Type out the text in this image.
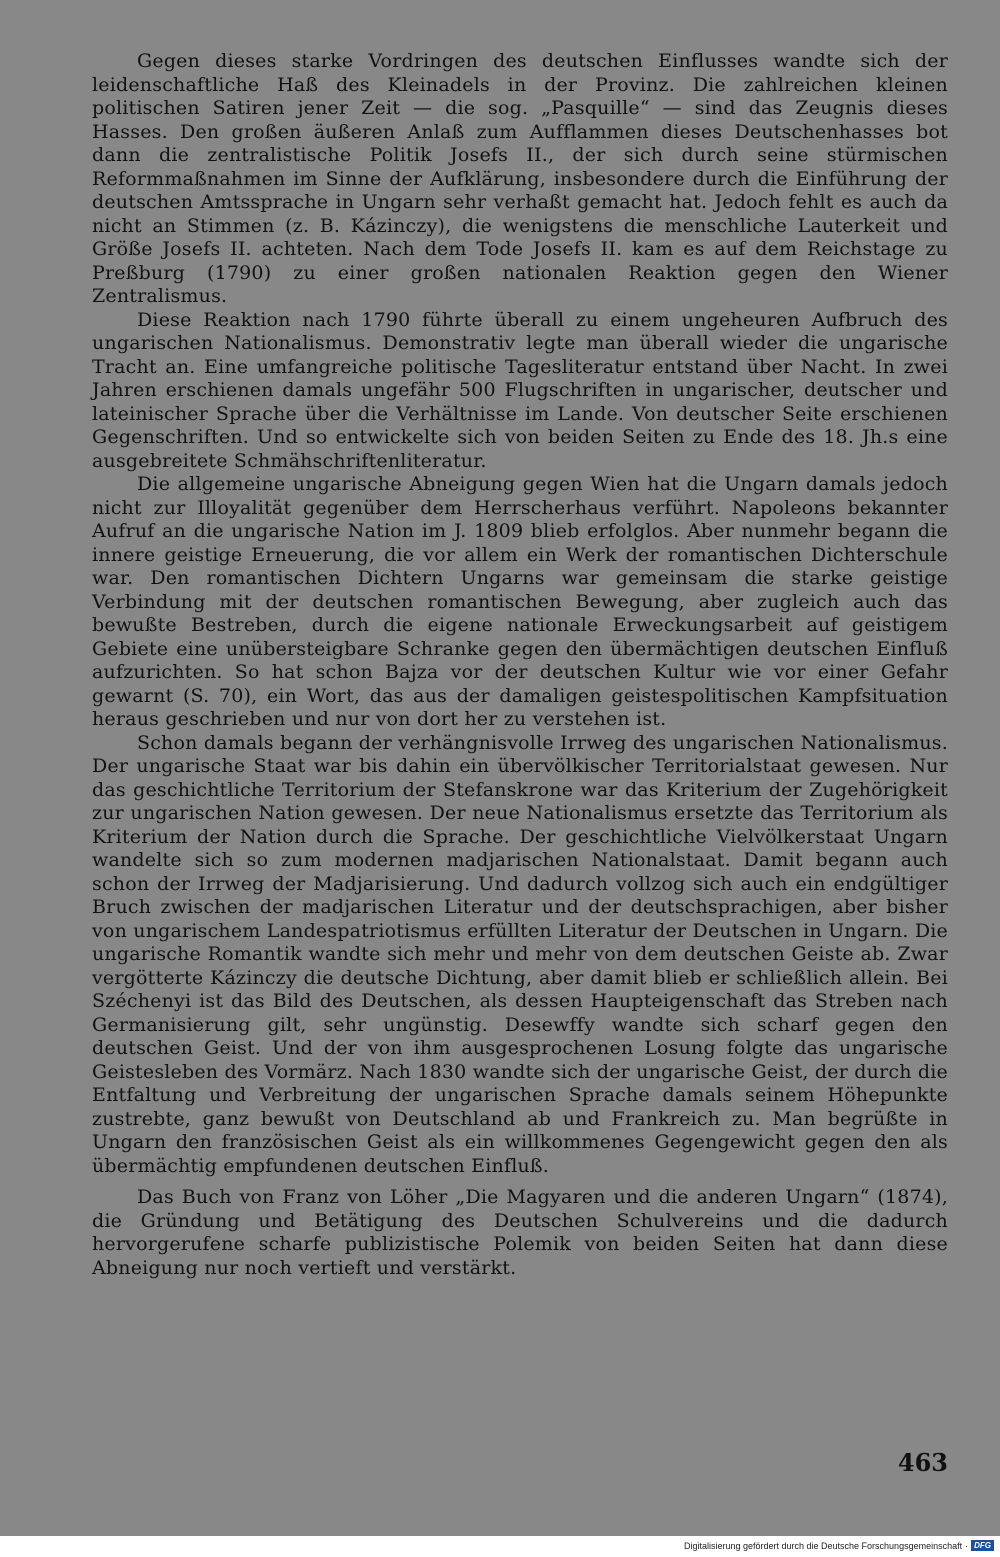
Gegen dieses starke Vordringen des deutschen Einflusses wandte sich der leidenschaftliche Haß des Kleinadels in der Provinz. Die zahlreichen kleinen politischen Satiren jener Zeit — die sog. „Pasquille“ — sind das Zeugnis dieses Hasses. Den großen äußeren Anlaß zum Aufflammen dieses Deutschenhasses bot dann die zentralistische Politik Josefs II., der sich durch seine stürmischen Reformmaßnahmen im Sinne der Aufklärung, insbesondere durch die Einführung der deutschen Amtssprache in Ungarn sehr verhaßt gemacht hat. Jedoch fehlt es auch da nicht an Stimmen (z. B. Kázinczy), die wenigstens die menschliche Lauterkeit und Größe Josefs II. achteten. Nach dem Tode Josefs II. kam es auf dem Reichstage zu Preßburg (1790) zu einer großen nationalen Reaktion gegen den Wiener Zentralismus.

Diese Reaktion nach 1790 führte überall zu einem ungeheuren Aufbruch des ungarischen Nationalismus. Demonstrativ legte man überall wieder die ungarische Tracht an. Eine umfangreiche politische Tagesliteratur entstand über Nacht. In zwei Jahren erschienen damals ungefähr 500 Flugschriften in ungarischer, deutscher und lateinischer Sprache über die Verhältnisse im Lande. Von deutscher Seite erschienen Gegenschriften. Und so entwickelte sich von beiden Seiten zu Ende des 18. Jh.s eine ausgebreitete Schmähschriftenliteratur.

Die allgemeine ungarische Abneigung gegen Wien hat die Ungarn damals jedoch nicht zur Illoyalität gegenüber dem Herrscherhaus verführt. Napoleons bekannter Aufruf an die ungarische Nation im J. 1809 blieb erfolglos. Aber nunmehr begann die innere geistige Erneuerung, die vor allem ein Werk der romantischen Dichterschule war. Den romantischen Dichtern Ungarns war gemeinsam die starke geistige Verbindung mit der deutschen romantischen Bewegung, aber zugleich auch das bewußte Bestreben, durch die eigene nationale Erweckungsarbeit auf geistigem Gebiete eine unübersteigbare Schranke gegen den übermächtigen deutschen Einfluß aufzurichten. So hat schon Bajza vor der deutschen Kultur wie vor einer Gefahr gewarnt (S. 70), ein Wort, das aus der damaligen geistespolitischen Kampfsituation heraus geschrieben und nur von dort her zu verstehen ist.

Schon damals begann der verhängnisvolle Irrweg des ungarischen Nationalismus. Der ungarische Staat war bis dahin ein übervölkischer Territorialstaat gewesen. Nur das geschichtliche Territorium der Stefanskrone war das Kriterium der Zugehörigkeit zur ungarischen Nation gewesen. Der neue Nationalismus ersetzte das Territorium als Kriterium der Nation durch die Sprache. Der geschichtliche Vielvölkerstaat Ungarn wandelte sich so zum modernen madjarischen Nationalstaat. Damit begann auch schon der Irrweg der Madjarisierung. Und dadurch vollzog sich auch ein endgültiger Bruch zwischen der madjarischen Literatur und der deutschsprachigen, aber bisher von ungarischem Landespatriotismus erfüllten Literatur der Deutschen in Ungarn. Die ungarische Romantik wandte sich mehr und mehr von dem deutschen Geiste ab. Zwar vergötterte Kázinczy die deutsche Dichtung, aber damit blieb er schließlich allein. Bei Széchenyi ist das Bild des Deutschen, als dessen Haupteigenschaft das Streben nach Germanisierung gilt, sehr ungünstig. Desewffy wandte sich scharf gegen den deutschen Geist. Und der von ihm ausgesprochenen Losung folgte das ungarische Geistesleben des Vormärz. Nach 1830 wandte sich der ungarische Geist, der durch die Entfaltung und Verbreitung der ungarischen Sprache damals seinem Höhepunkte zustrebte, ganz bewußt von Deutschland ab und Frankreich zu. Man begrüßte in Ungarn den französischen Geist als ein willkommenes Gegengewicht gegen den als übermächtig empfundenen deutschen Einfluß.

Das Buch von Franz von Löher „Die Magyaren und die anderen Ungarn“ (1874), die Gründung und Betätigung des Deutschen Schulvereins und die dadurch hervorgerufene scharfe publizistische Polemik von beiden Seiten hat dann diese Abneigung nur noch vertieft und verstärkt.

463
Digitalisierung gefördert durch die Deutsche Forschungsgemeinschaft · DFG
